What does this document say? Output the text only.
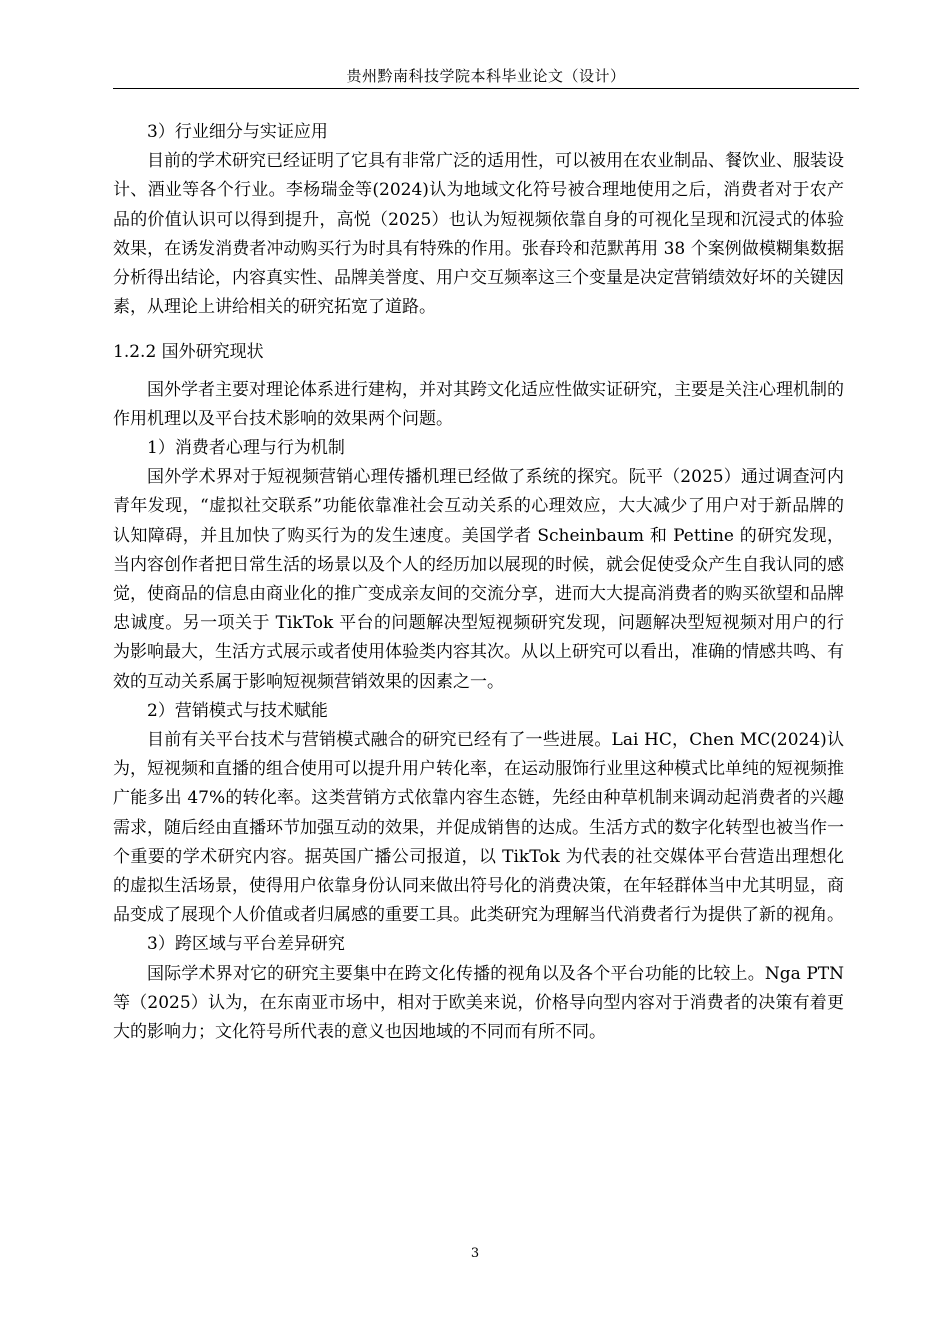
贵州黔南科技学院本科毕业论文（设计）

3）行业细分与实证应用

目前的学术研究已经证明了它具有非常广泛的适用性，可以被用在农业制品、餐饮业、服装设计、酒业等各个行业。李杨瑞金等(2024)认为地域文化符号被合理地使用之后，消费者对于农产品的价值认识可以得到提升，高悦（2025）也认为短视频依靠自身的可视化呈现和沉浸式的体验效果，在诱发消费者冲动购买行为时具有特殊的作用。张春玲和范默苒用 38 个案例做模糊集数据分析得出结论，内容真实性、品牌美誉度、用户交互频率这三个变量是决定营销绩效好坏的关键因素，从理论上讲给相关的研究拓宽了道路。

1.2.2 国外研究现状

国外学者主要对理论体系进行建构，并对其跨文化适应性做实证研究，主要是关注心理机制的作用机理以及平台技术影响的效果两个问题。

1）消费者心理与行为机制

国外学术界对于短视频营销心理传播机理已经做了系统的探究。阮平（2025）通过调查河内青年发现，“虚拟社交联系”功能依靠准社会互动关系的心理效应，大大减少了用户对于新品牌的认知障碍，并且加快了购买行为的发生速度。美国学者 Scheinbaum 和 Pettine 的研究发现，当内容创作者把日常生活的场景以及个人的经历加以展现的时候，就会促使受众产生自我认同的感觉，使商品的信息由商业化的推广变成亲友间的交流分享，进而大大提高消费者的购买欲望和品牌忠诚度。另一项关于 TikTok 平台的问题解决型短视频研究发现，问题解决型短视频对用户的行为影响最大，生活方式展示或者使用体验类内容其次。从以上研究可以看出，准确的情感共鸣、有效的互动关系属于影响短视频营销效果的因素之一。

2）营销模式与技术赋能

目前有关平台技术与营销模式融合的研究已经有了一些进展。Lai HC，Chen MC(2024)认为，短视频和直播的组合使用可以提升用户转化率，在运动服饰行业里这种模式比单纯的短视频推广能多出 47%的转化率。这类营销方式依靠内容生态链，先经由种草机制来调动起消费者的兴趣需求，随后经由直播环节加强互动的效果，并促成销售的达成。生活方式的数字化转型也被当作一个重要的学术研究内容。据英国广播公司报道，以 TikTok 为代表的社交媒体平台营造出理想化的虚拟生活场景，使得用户依靠身份认同来做出符号化的消费决策，在年轻群体当中尤其明显，商品变成了展现个人价值或者归属感的重要工具。此类研究为理解当代消费者行为提供了新的视角。

3）跨区域与平台差异研究

国际学术界对它的研究主要集中在跨文化传播的视角以及各个平台功能的比较上。Nga PTN 等（2025）认为，在东南亚市场中，相对于欧美来说，价格导向型内容对于消费者的决策有着更大的影响力；文化符号所代表的意义也因地域的不同而有所不同。

3
